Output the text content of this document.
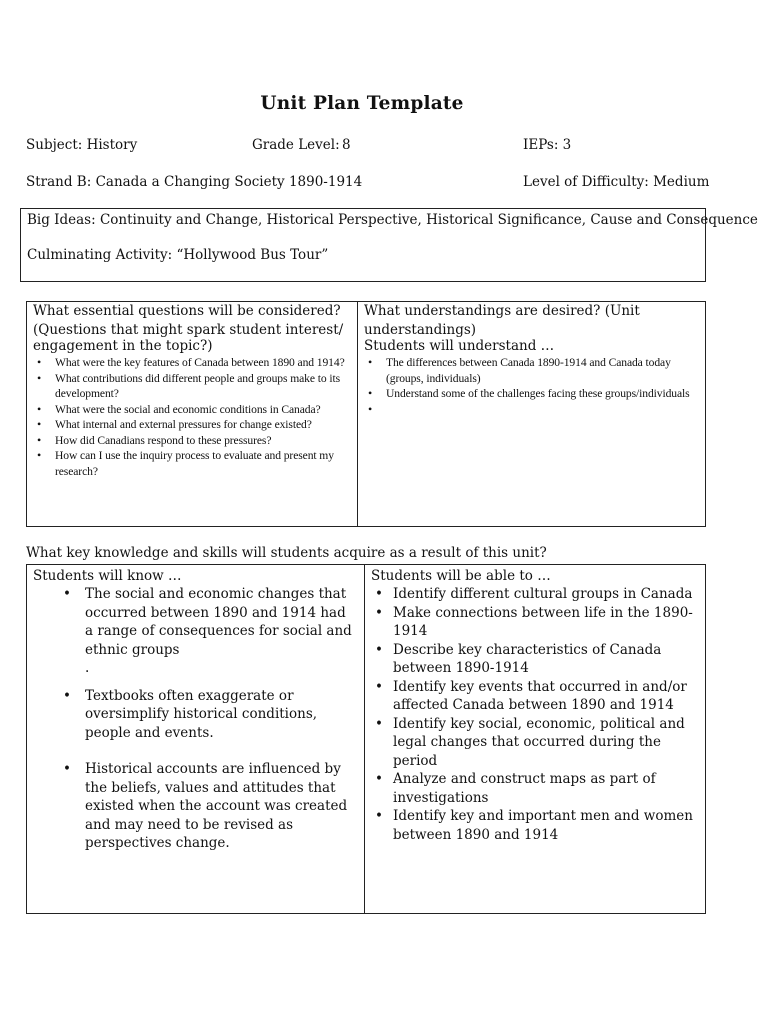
Unit Plan Template
Subject: History	Grade Level: 8	IEPs: 3
Strand B: Canada a Changing Society 1890-1914	Level of Difficulty: Medium
Big Ideas: Continuity and Change, Historical Perspective, Historical Significance, Cause and Consequence
Culminating Activity: “Hollywood Bus Tour”
What essential questions will be considered?
(Questions that might spark student interest/
engagement in the topic?)
• What were the key features of Canada between 1890 and 1914?
• What contributions did different people and groups make to its development?
• What were the social and economic conditions in Canada?
• What internal and external pressures for change existed?
• How did Canadians respond to these pressures?
• How can I use the inquiry process to evaluate and present my research?

What understandings are desired? (Unit
understandings)
Students will understand …
• The differences between Canada 1890-1914 and Canada today (groups, individuals)
• Understand some of the challenges facing these groups/individuals
What key knowledge and skills will students acquire as a result of this unit?
Students will know …
• The social and economic changes that occurred between 1890 and 1914 had a range of consequences for social and ethnic groups
.
• Textbooks often exaggerate or oversimplify historical conditions, people and events.
• Historical accounts are influenced by the beliefs, values and attitudes that existed when the account was created and may need to be revised as perspectives change.

Students will be able to …
• Identify different cultural groups in Canada
• Make connections between life in the 1890-1914
• Describe key characteristics of Canada between 1890-1914
• Identify key events that occurred in and/or affected Canada between 1890 and 1914
• Identify key social, economic, political and legal changes that occurred during the period
• Analyze and construct maps as part of investigations
• Identify key and important men and women between 1890 and 1914
